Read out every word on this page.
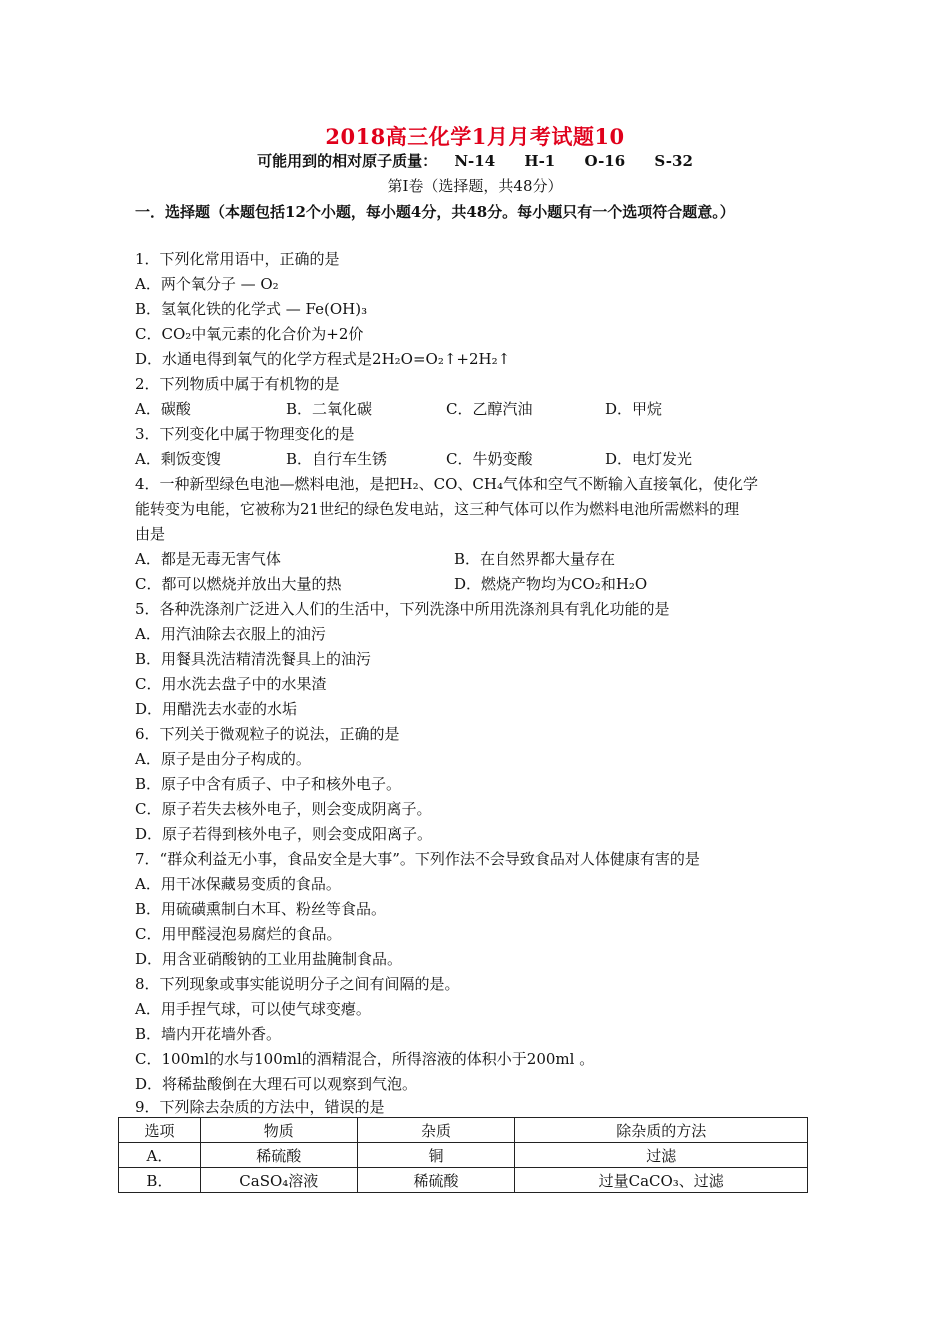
2018高三化学1月月考试题10
可能用到的相对原子质量： N-14 H-1 O-16 S-32
第Ⅰ卷（选择题，共48分）
一．选择题（本题包括12个小题，每小题4分，共48分。每小题只有一个选项符合题意。）
1．下列化常用语中，正确的是
A．两个氧分子 — O₂
B．氢氧化铁的化学式 — Fe(OH)₃
C．CO₂中氧元素的化合价为+2价
D．水通电得到氧气的化学方程式是2H₂O=O₂↑+2H₂↑
2．下列物质中属于有机物的是
A．碳酸	B．二氧化碳	C．乙醇汽油	D．甲烷
3．下列变化中属于物理变化的是
A．剩饭变馊	B．自行车生锈	C．牛奶变酸	D．电灯发光
4．一种新型绿色电池—燃料电池，是把H₂、CO、CH₄气体和空气不断输入直接氧化，使化学
能转变为电能，它被称为21世纪的绿色发电站，这三种气体可以作为燃料电池所需燃料的理
由是
A．都是无毒无害气体	B．在自然界都大量存在
C．都可以燃烧并放出大量的热	D．燃烧产物均为CO₂和H₂O
5．各种洗涤剂广泛进入人们的生活中，下列洗涤中所用洗涤剂具有乳化功能的是
A．用汽油除去衣服上的油污
B．用餐具洗洁精清洗餐具上的油污
C．用水洗去盘子中的水果渣
D．用醋洗去水壶的水垢
6．下列关于微观粒子的说法，正确的是
A．原子是由分子构成的。
B．原子中含有质子、中子和核外电子。
C．原子若失去核外电子，则会变成阴离子。
D．原子若得到核外电子，则会变成阳离子。
7．“群众利益无小事，食品安全是大事”。下列作法不会导致食品对人体健康有害的是
A．用干冰保藏易变质的食品。
B．用硫磺熏制白木耳、粉丝等食品。
C．用甲醛浸泡易腐烂的食品。
D．用含亚硝酸钠的工业用盐腌制食品。
8．下列现象或事实能说明分子之间有间隔的是。
A．用手捏气球，可以使气球变瘪。
B．墙内开花墙外香。
C．100ml的水与100ml的酒精混合，所得溶液的体积小于200ml 。
D．将稀盐酸倒在大理石可以观察到气泡。
9．下列除去杂质的方法中，错误的是
选项	物质	杂质	除杂质的方法
A．	稀硫酸	铜	过滤
B．	CaSO₄溶液	稀硫酸	过量CaCO₃、过滤
